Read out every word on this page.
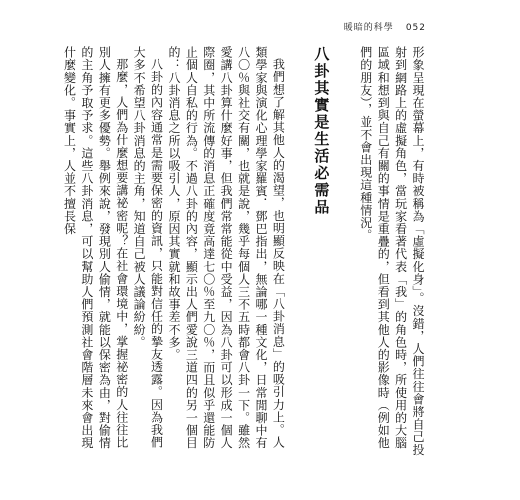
暖暗的科學 052

形象呈現在螢幕上，有時被稱為「虛擬化身」。沒錯，人們往往會將自己投射到網路上的虛擬角色，當玩家看著代表「我」的角色時，所使用的大腦區域和想到與自己有關的事情是重疊的，但看到其他人的影像時（例如他們的朋友），並不會出現這種情況。

八卦其實是生活必需品

我們想了解其他人的渴望，也明顯反映在「八卦消息」的吸引力上。人類學家與演化心理學家羅賓．鄧巴指出，無論哪一種文化，日常閒聊中有八〇％與社交有關，也就是說，幾乎每個人三不五時都會八卦一下。雖然愛講八卦算什麼好事，但我們常常能從中受益，因為八卦可以形成一個人際圈，其中所流傳的消息正確度竟高達七〇％至九〇％，而且似乎還能防止個人自私的行為。不過八卦的內容，顯示出人們愛說三道四的另一個目的：八卦消息之所以吸引人，原因其實就和故事差不多。

八卦的內容通常是需要保密的資訊，只能對信任的摯友透露。因為我們大多不希望八卦消息的主角，知道自己被人議論紛紛。

那麼，人們為什麼想要講祕密呢？在社會環境中，掌握祕密的人往往比別人擁有更多優勢。舉例來說，發現別人偷情，就能以保密為由，對偷情的主角予取予求。這些八卦消息，可以幫助人們預測社會階層未來會出現什麼變化。事實上，人並不擅長保
